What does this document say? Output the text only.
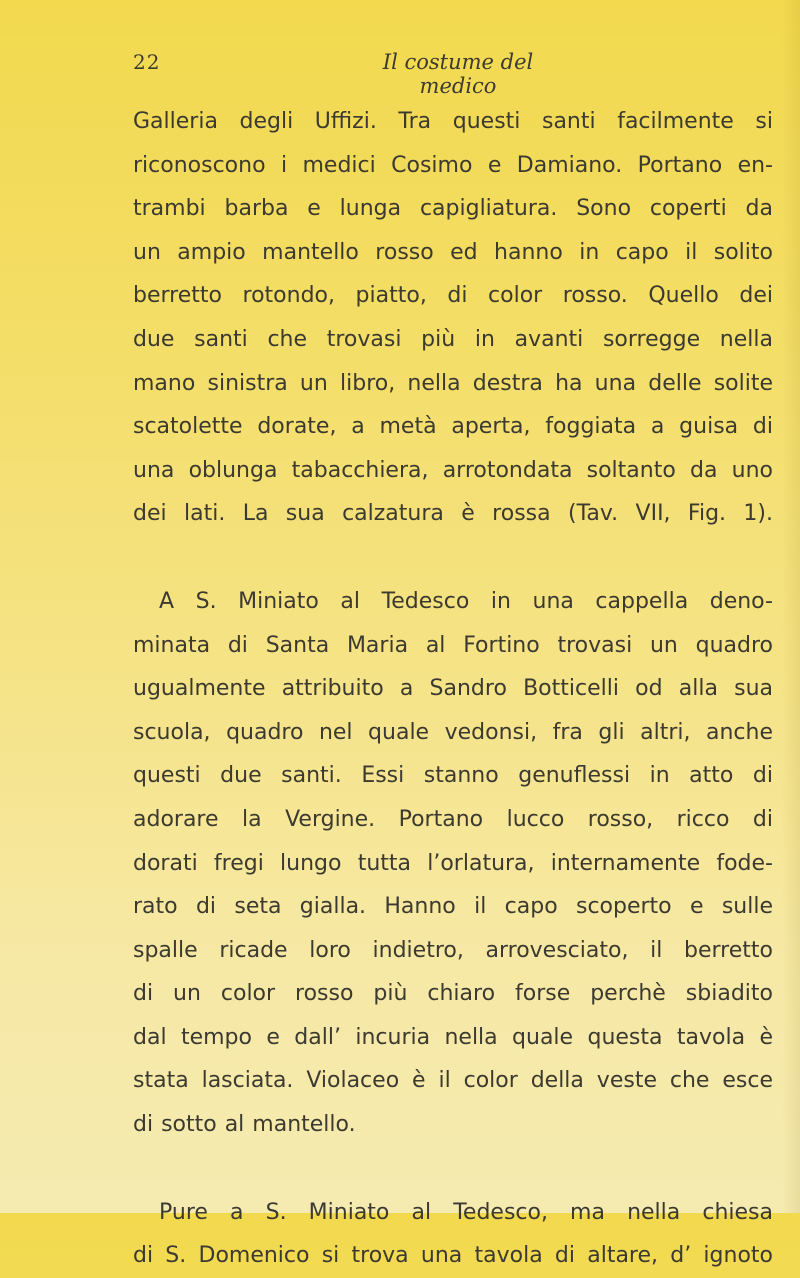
22	Il costume del medico
Galleria degli Uffizi. Tra questi santi facilmente si
riconoscono i medici Cosimo e Damiano. Portano en-
trambi barba e lunga capigliatura. Sono coperti da
un ampio mantello rosso ed hanno in capo il solito
berretto rotondo, piatto, di color rosso. Quello dei
due santi che trovasi più in avanti sorregge nella
mano sinistra un libro, nella destra ha una delle solite
scatolette dorate, a metà aperta, foggiata a guisa di
una oblunga tabacchiera, arrotondata soltanto da uno
dei lati. La sua calzatura è rossa (Tav. VII, Fig. 1).
A S. Miniato al Tedesco in una cappella deno-
minata di Santa Maria al Fortino trovasi un quadro
ugualmente attribuito a Sandro Botticelli od alla sua
scuola, quadro nel quale vedonsi, fra gli altri, anche
questi due santi. Essi stanno genuflessi in atto di
adorare la Vergine. Portano lucco rosso, ricco di
dorati fregi lungo tutta l’orlatura, internamente fode-
rato di seta gialla. Hanno il capo scoperto e sulle
spalle ricade loro indietro, arrovesciato, il berretto
di un color rosso più chiaro forse perchè sbiadito
dal tempo e dall’ incuria nella quale questa tavola è
stata lasciata. Violaceo è il color della veste che esce
di sotto al mantello.
Pure a S. Miniato al Tedesco, ma nella chiesa
di S. Domenico si trova una tavola di altare, d’ ignoto
